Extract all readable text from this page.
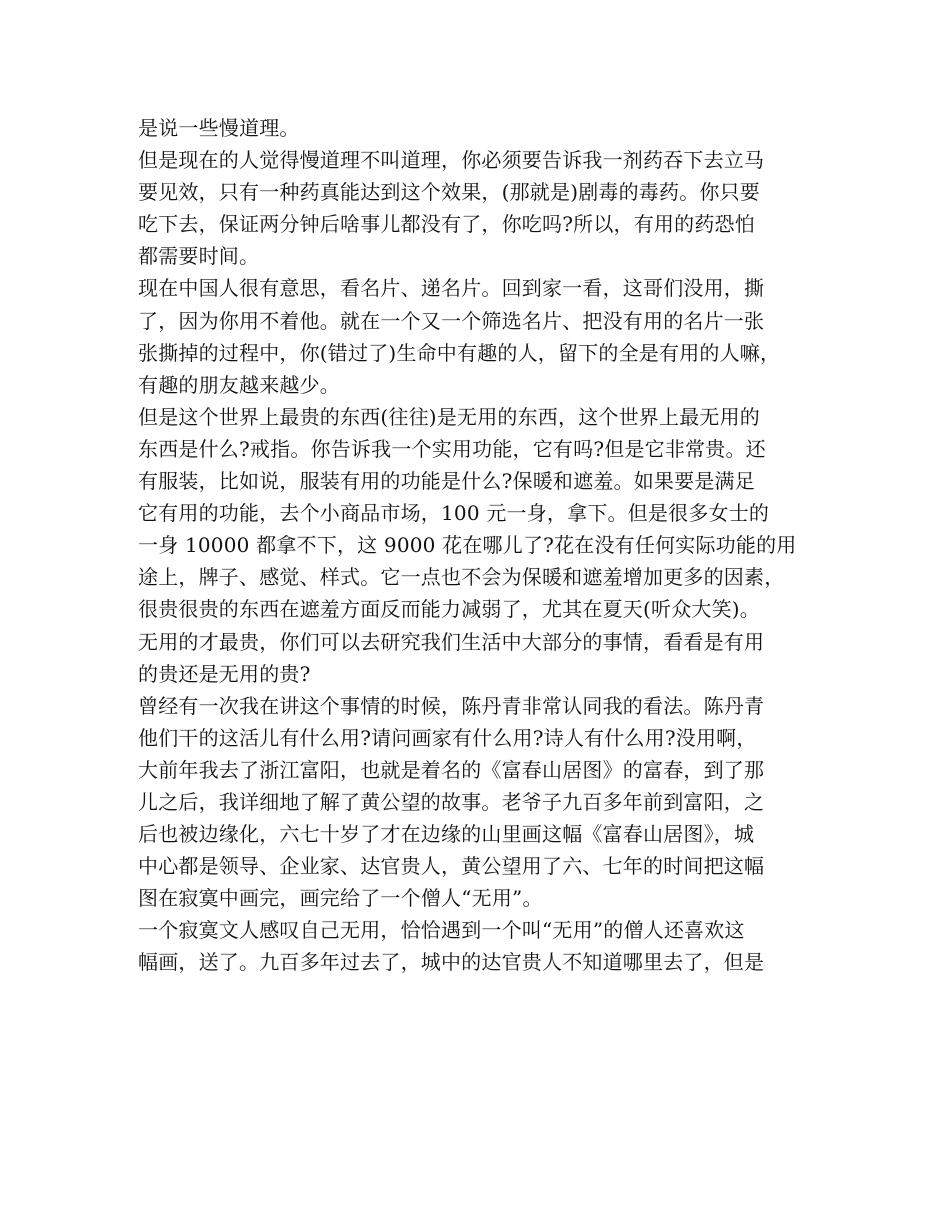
是说一些慢道理。
但是现在的人觉得慢道理不叫道理，你必须要告诉我一剂药吞下去立马
要见效，只有一种药真能达到这个效果，(那就是)剧毒的毒药。你只要
吃下去，保证两分钟后啥事儿都没有了，你吃吗?所以，有用的药恐怕
都需要时间。
现在中国人很有意思，看名片、递名片。回到家一看，这哥们没用，撕
了，因为你用不着他。就在一个又一个筛选名片、把没有用的名片一张
张撕掉的过程中，你(错过了)生命中有趣的人，留下的全是有用的人嘛，
有趣的朋友越来越少。
但是这个世界上最贵的东西(往往)是无用的东西，这个世界上最无用的
东西是什么?戒指。你告诉我一个实用功能，它有吗?但是它非常贵。还
有服装，比如说，服装有用的功能是什么?保暖和遮羞。如果要是满足
它有用的功能，去个小商品市场，100 元一身，拿下。但是很多女士的
一身 10000 都拿不下，这 9000 花在哪儿了?花在没有任何实际功能的用
途上，牌子、感觉、样式。它一点也不会为保暖和遮羞增加更多的因素，
很贵很贵的东西在遮羞方面反而能力减弱了，尤其在夏天(听众大笑)。
无用的才最贵，你们可以去研究我们生活中大部分的事情，看看是有用
的贵还是无用的贵?
曾经有一次我在讲这个事情的时候，陈丹青非常认同我的看法。陈丹青
他们干的这活儿有什么用?请问画家有什么用?诗人有什么用?没用啊，
大前年我去了浙江富阳，也就是着名的《富春山居图》的富春，到了那
儿之后，我详细地了解了黄公望的故事。老爷子九百多年前到富阳，之
后也被边缘化，六七十岁了才在边缘的山里画这幅《富春山居图》，城
中心都是领导、企业家、达官贵人，黄公望用了六、七年的时间把这幅
图在寂寞中画完，画完给了一个僧人“无用”。
一个寂寞文人感叹自己无用，恰恰遇到一个叫“无用”的僧人还喜欢这
幅画，送了。九百多年过去了，城中的达官贵人不知道哪里去了，但是
